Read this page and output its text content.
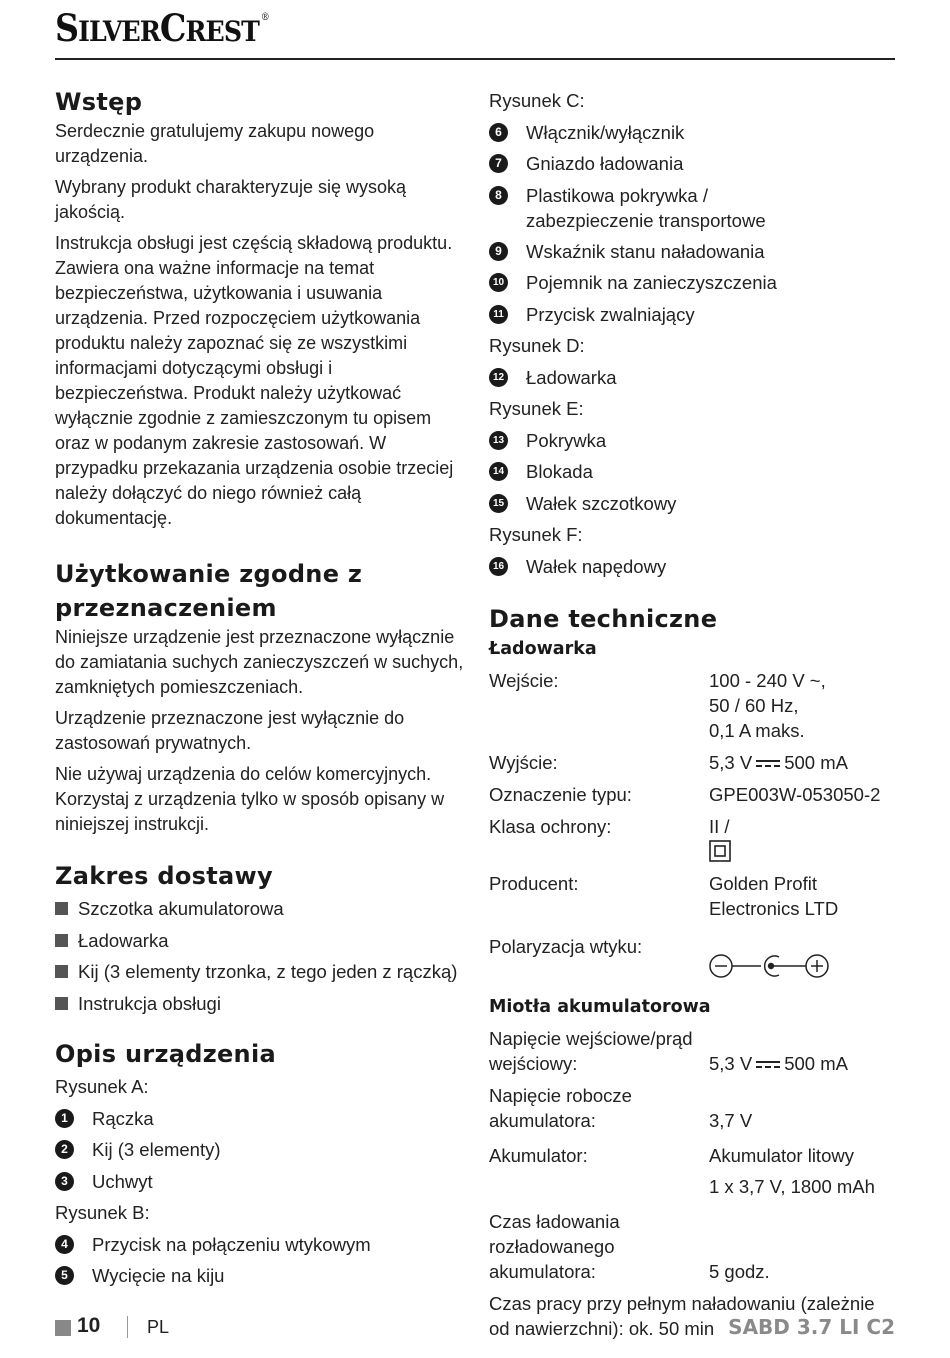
SILVERCREST ®
Wstęp

Serdecznie gratulujemy zakupu nowego urządzenia.

Wybrany produkt charakteryzuje się wysoką jakością.

Instrukcja obsługi jest częścią składową produktu. Zawiera ona ważne informacje na temat bezpieczeństwa, użytkowania i usuwania urządzenia. Przed rozpoczęciem użytkowania produktu należy zapoznać się ze wszystkimi informacjami dotyczącymi obsługi i bezpieczeństwa. Produkt należy użytkować wyłącznie zgodnie z zamieszczonym tu opisem oraz w podanym zakresie zastosowań. W przypadku przekazania urządzenia osobie trzeciej należy dołączyć do niego również całą dokumentację.

Użytkowanie zgodne z przeznaczeniem

Niniejsze urządzenie jest przeznaczone wyłącznie do zamiatania suchych zanieczyszczeń w suchych, zamkniętych pomieszczeniach.

Urządzenie przeznaczone jest wyłącznie do zastosowań prywatnych.

Nie używaj urządzenia do celów komercyjnych. Korzystaj z urządzenia tylko w sposób opisany w niniejszej instrukcji.

Zakres dostawy
Szczotka akumulatorowa
Ładowarka
Kij (3 elementy trzonka, z tego jeden z rączką)
Instrukcja obsługi
Opis urządzenia
Rysunek A:
1	Rączka
2	Kij (3 elementy)
3	Uchwyt
Rysunek B:
4	Przycisk na połączeniu wtykowym
5	Wycięcie na kiju
Rysunek C:
6	Włącznik/wyłącznik
7	Gniazdo ładowania
8	Plastikowa pokrywka / zabezpieczenie transportowe
9	Wskaźnik stanu naładowania
10 Pojemnik na zanieczyszczenia
11 Przycisk zwalniający
Rysunek D:
12 Ładowarka
Rysunek E:
13 Pokrywka
14 Blokada
15 Wałek szczotkowy
Rysunek F:
16 Wałek napędowy
Dane techniczne
Ładowarka
Wejście:	100 - 240 V ~,
50 / 60 Hz,
0,1 A maks.
Wyjście:	5,3 V 500 mA
Oznaczenie typu:	GPE003W-053050-2
Klasa ochrony:	II /

Producent:	Golden Profit
Electronics LTD
Polaryzacja wtyku:

Miotła akumulatorowa
Napięcie wejściowe/prąd
wejściowy:	5,3 V 500 mA
Napięcie robocze
akumulatora:	3,7 V
Akumulator:	Akumulator litowy
1 x 3,7 V, 1800 mAh
Czas ładowania rozładowanego akumulatora:	5 godz.
Czas pracy przy pełnym naładowaniu (zależnie od nawierzchni): ok. 50 min
10	PL	SABD 3.7 LI C2
